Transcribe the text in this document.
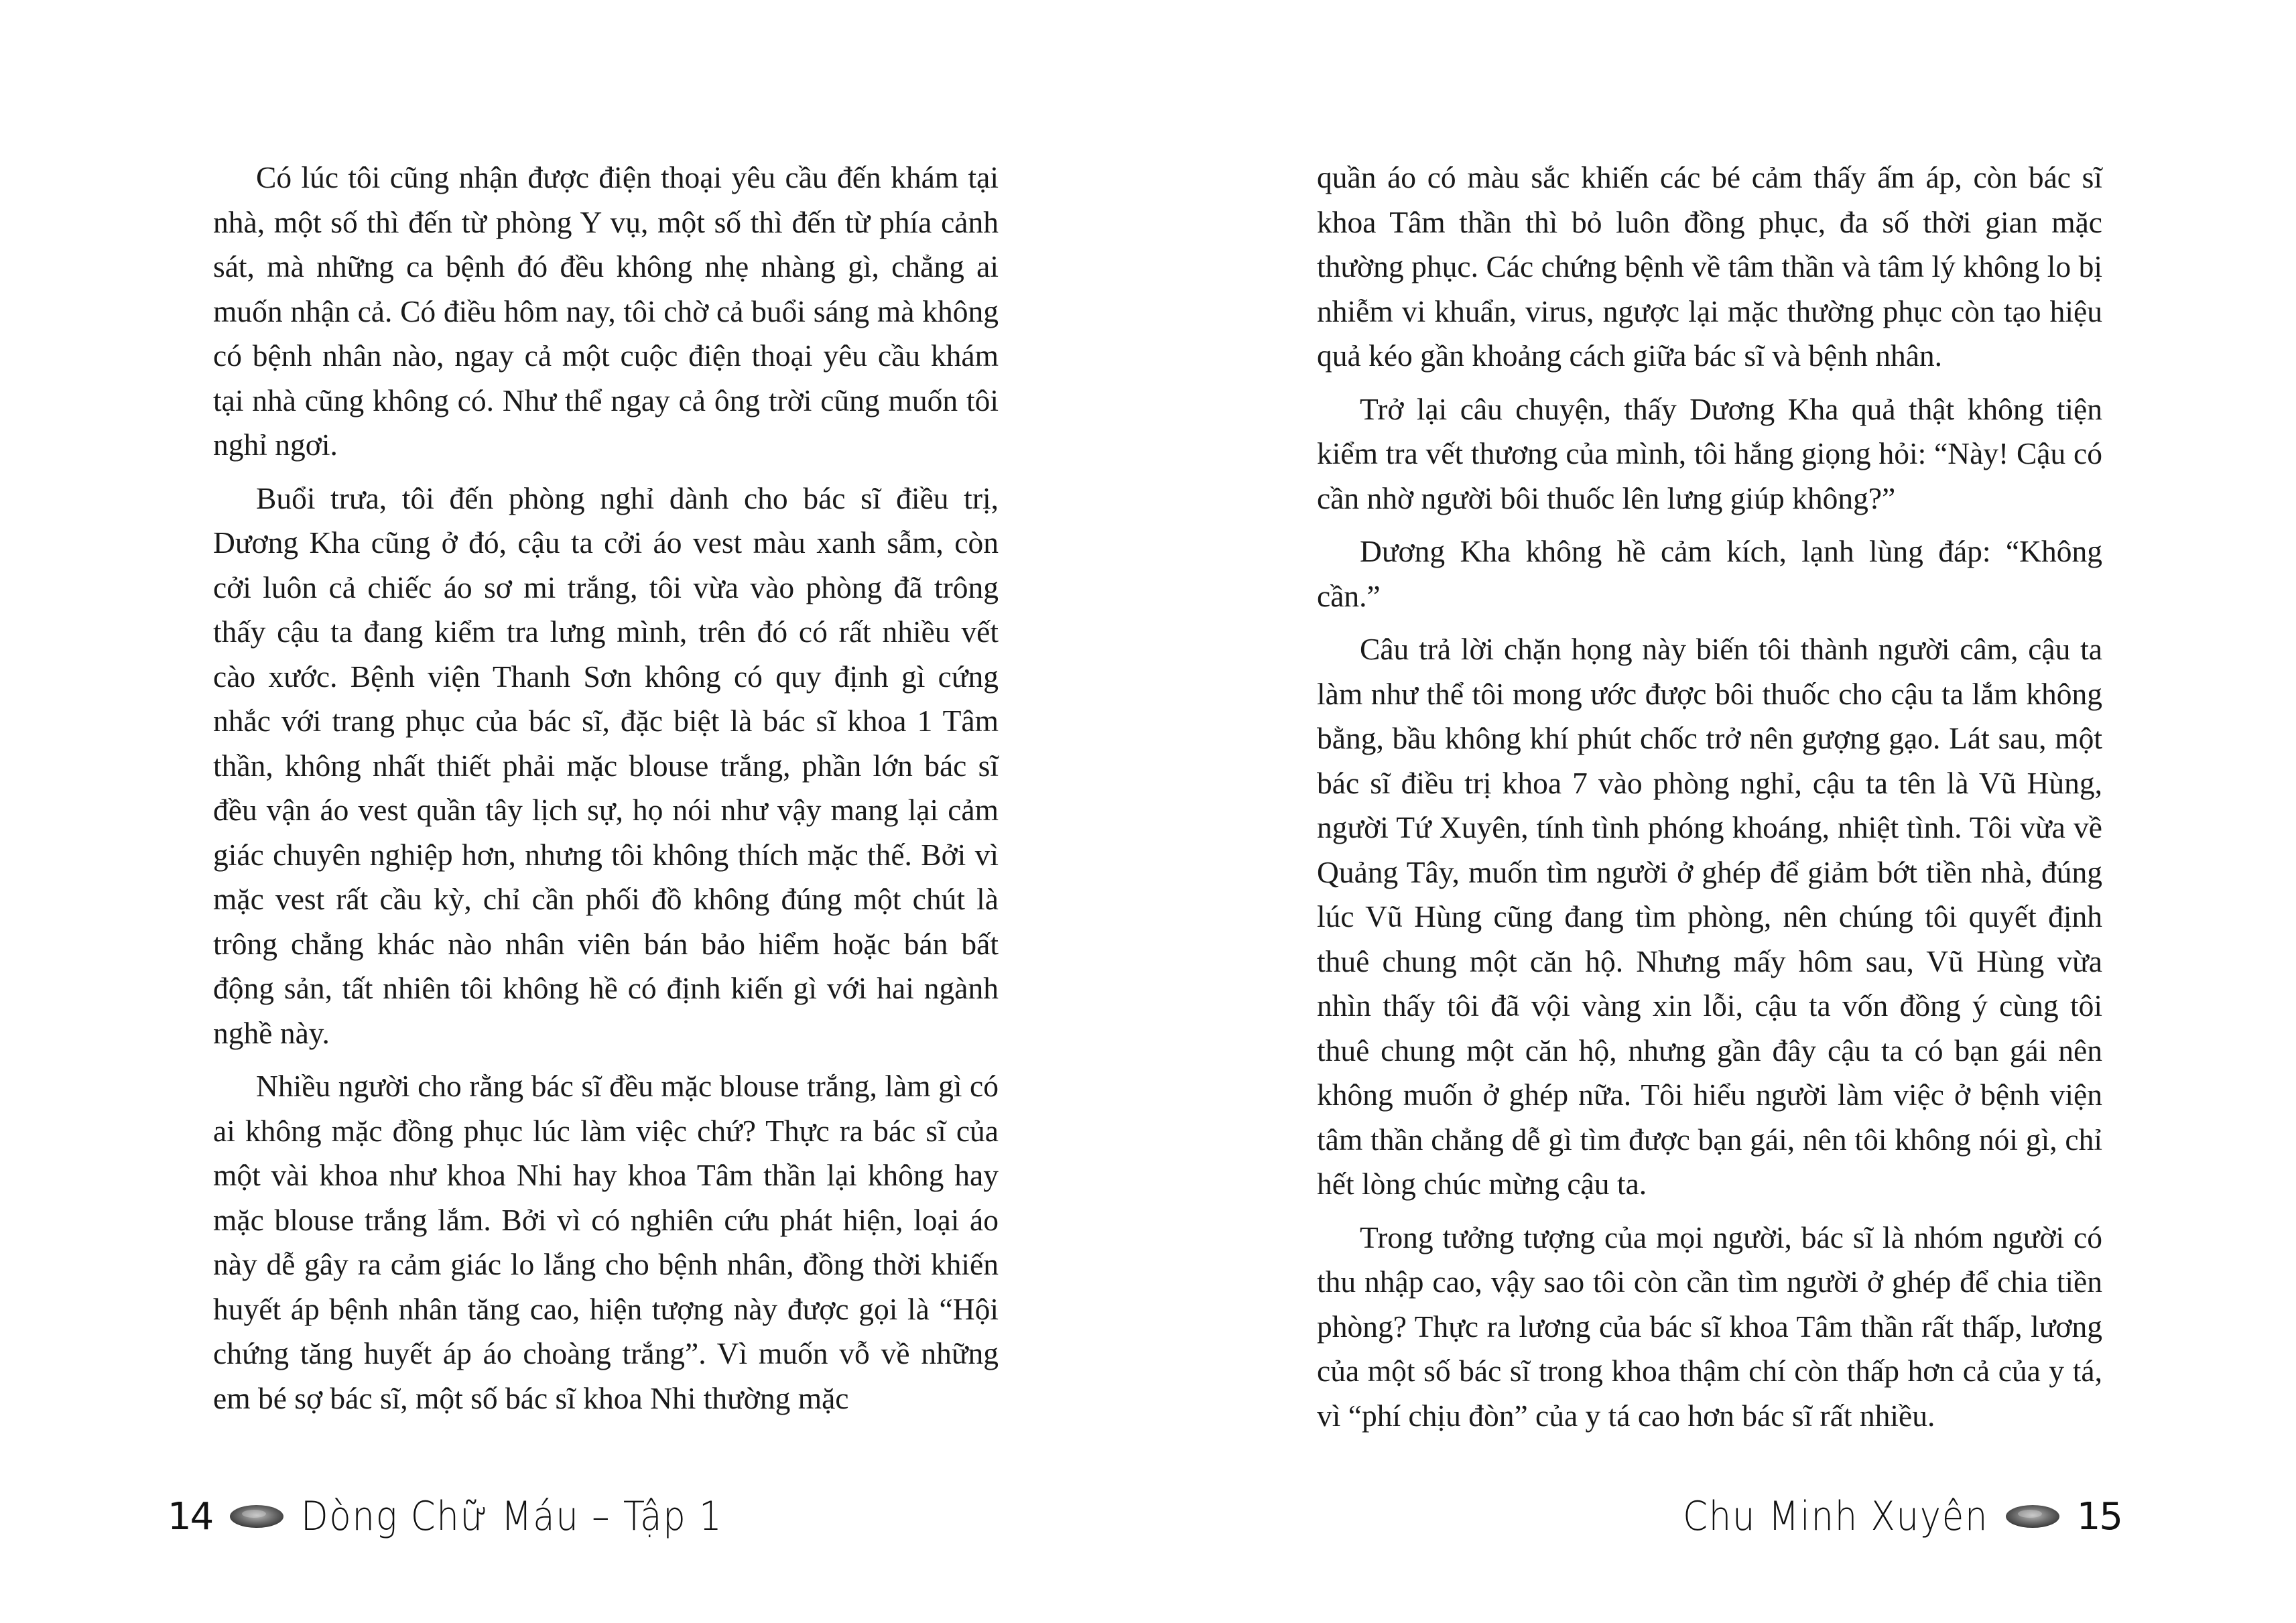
Có lúc tôi cũng nhận được điện thoại yêu cầu đến khám tại nhà, một số thì đến từ phòng Y vụ, một số thì đến từ phía cảnh sát, mà những ca bệnh đó đều không nhẹ nhàng gì, chẳng ai muốn nhận cả. Có điều hôm nay, tôi chờ cả buổi sáng mà không có bệnh nhân nào, ngay cả một cuộc điện thoại yêu cầu khám tại nhà cũng không có. Như thể ngay cả ông trời cũng muốn tôi nghỉ ngơi.

Buổi trưa, tôi đến phòng nghỉ dành cho bác sĩ điều trị, Dương Kha cũng ở đó, cậu ta cởi áo vest màu xanh sẫm, còn cởi luôn cả chiếc áo sơ mi trắng, tôi vừa vào phòng đã trông thấy cậu ta đang kiểm tra lưng mình, trên đó có rất nhiều vết cào xước. Bệnh viện Thanh Sơn không có quy định gì cứng nhắc với trang phục của bác sĩ, đặc biệt là bác sĩ khoa 1 Tâm thần, không nhất thiết phải mặc blouse trắng, phần lớn bác sĩ đều vận áo vest quần tây lịch sự, họ nói như vậy mang lại cảm giác chuyên nghiệp hơn, nhưng tôi không thích mặc thế. Bởi vì mặc vest rất cầu kỳ, chỉ cần phối đồ không đúng một chút là trông chẳng khác nào nhân viên bán bảo hiểm hoặc bán bất động sản, tất nhiên tôi không hề có định kiến gì với hai ngành nghề này.

Nhiều người cho rằng bác sĩ đều mặc blouse trắng, làm gì có ai không mặc đồng phục lúc làm việc chứ? Thực ra bác sĩ của một vài khoa như khoa Nhi hay khoa Tâm thần lại không hay mặc blouse trắng lắm. Bởi vì có nghiên cứu phát hiện, loại áo này dễ gây ra cảm giác lo lắng cho bệnh nhân, đồng thời khiến huyết áp bệnh nhân tăng cao, hiện tượng này được gọi là “Hội chứng tăng huyết áp áo choàng trắng”. Vì muốn vỗ về những em bé sợ bác sĩ, một số bác sĩ khoa Nhi thường mặc

14 Dòng Chữ Máu – Tập 1

quần áo có màu sắc khiến các bé cảm thấy ấm áp, còn bác sĩ khoa Tâm thần thì bỏ luôn đồng phục, đa số thời gian mặc thường phục. Các chứng bệnh về tâm thần và tâm lý không lo bị nhiễm vi khuẩn, virus, ngược lại mặc thường phục còn tạo hiệu quả kéo gần khoảng cách giữa bác sĩ và bệnh nhân.

Trở lại câu chuyện, thấy Dương Kha quả thật không tiện kiểm tra vết thương của mình, tôi hắng giọng hỏi: “Này! Cậu có cần nhờ người bôi thuốc lên lưng giúp không?”

Dương Kha không hề cảm kích, lạnh lùng đáp: “Không cần.”

Câu trả lời chặn họng này biến tôi thành người câm, cậu ta làm như thể tôi mong ước được bôi thuốc cho cậu ta lắm không bằng, bầu không khí phút chốc trở nên gượng gạo. Lát sau, một bác sĩ điều trị khoa 7 vào phòng nghỉ, cậu ta tên là Vũ Hùng, người Tứ Xuyên, tính tình phóng khoáng, nhiệt tình. Tôi vừa về Quảng Tây, muốn tìm người ở ghép để giảm bớt tiền nhà, đúng lúc Vũ Hùng cũng đang tìm phòng, nên chúng tôi quyết định thuê chung một căn hộ. Nhưng mấy hôm sau, Vũ Hùng vừa nhìn thấy tôi đã vội vàng xin lỗi, cậu ta vốn đồng ý cùng tôi thuê chung một căn hộ, nhưng gần đây cậu ta có bạn gái nên không muốn ở ghép nữa. Tôi hiểu người làm việc ở bệnh viện tâm thần chẳng dễ gì tìm được bạn gái, nên tôi không nói gì, chỉ hết lòng chúc mừng cậu ta.

Trong tưởng tượng của mọi người, bác sĩ là nhóm người có thu nhập cao, vậy sao tôi còn cần tìm người ở ghép để chia tiền phòng? Thực ra lương của bác sĩ khoa Tâm thần rất thấp, lương của một số bác sĩ trong khoa thậm chí còn thấp hơn cả của y tá, vì “phí chịu đòn” của y tá cao hơn bác sĩ rất nhiều.

Chu Minh Xuyên 15
